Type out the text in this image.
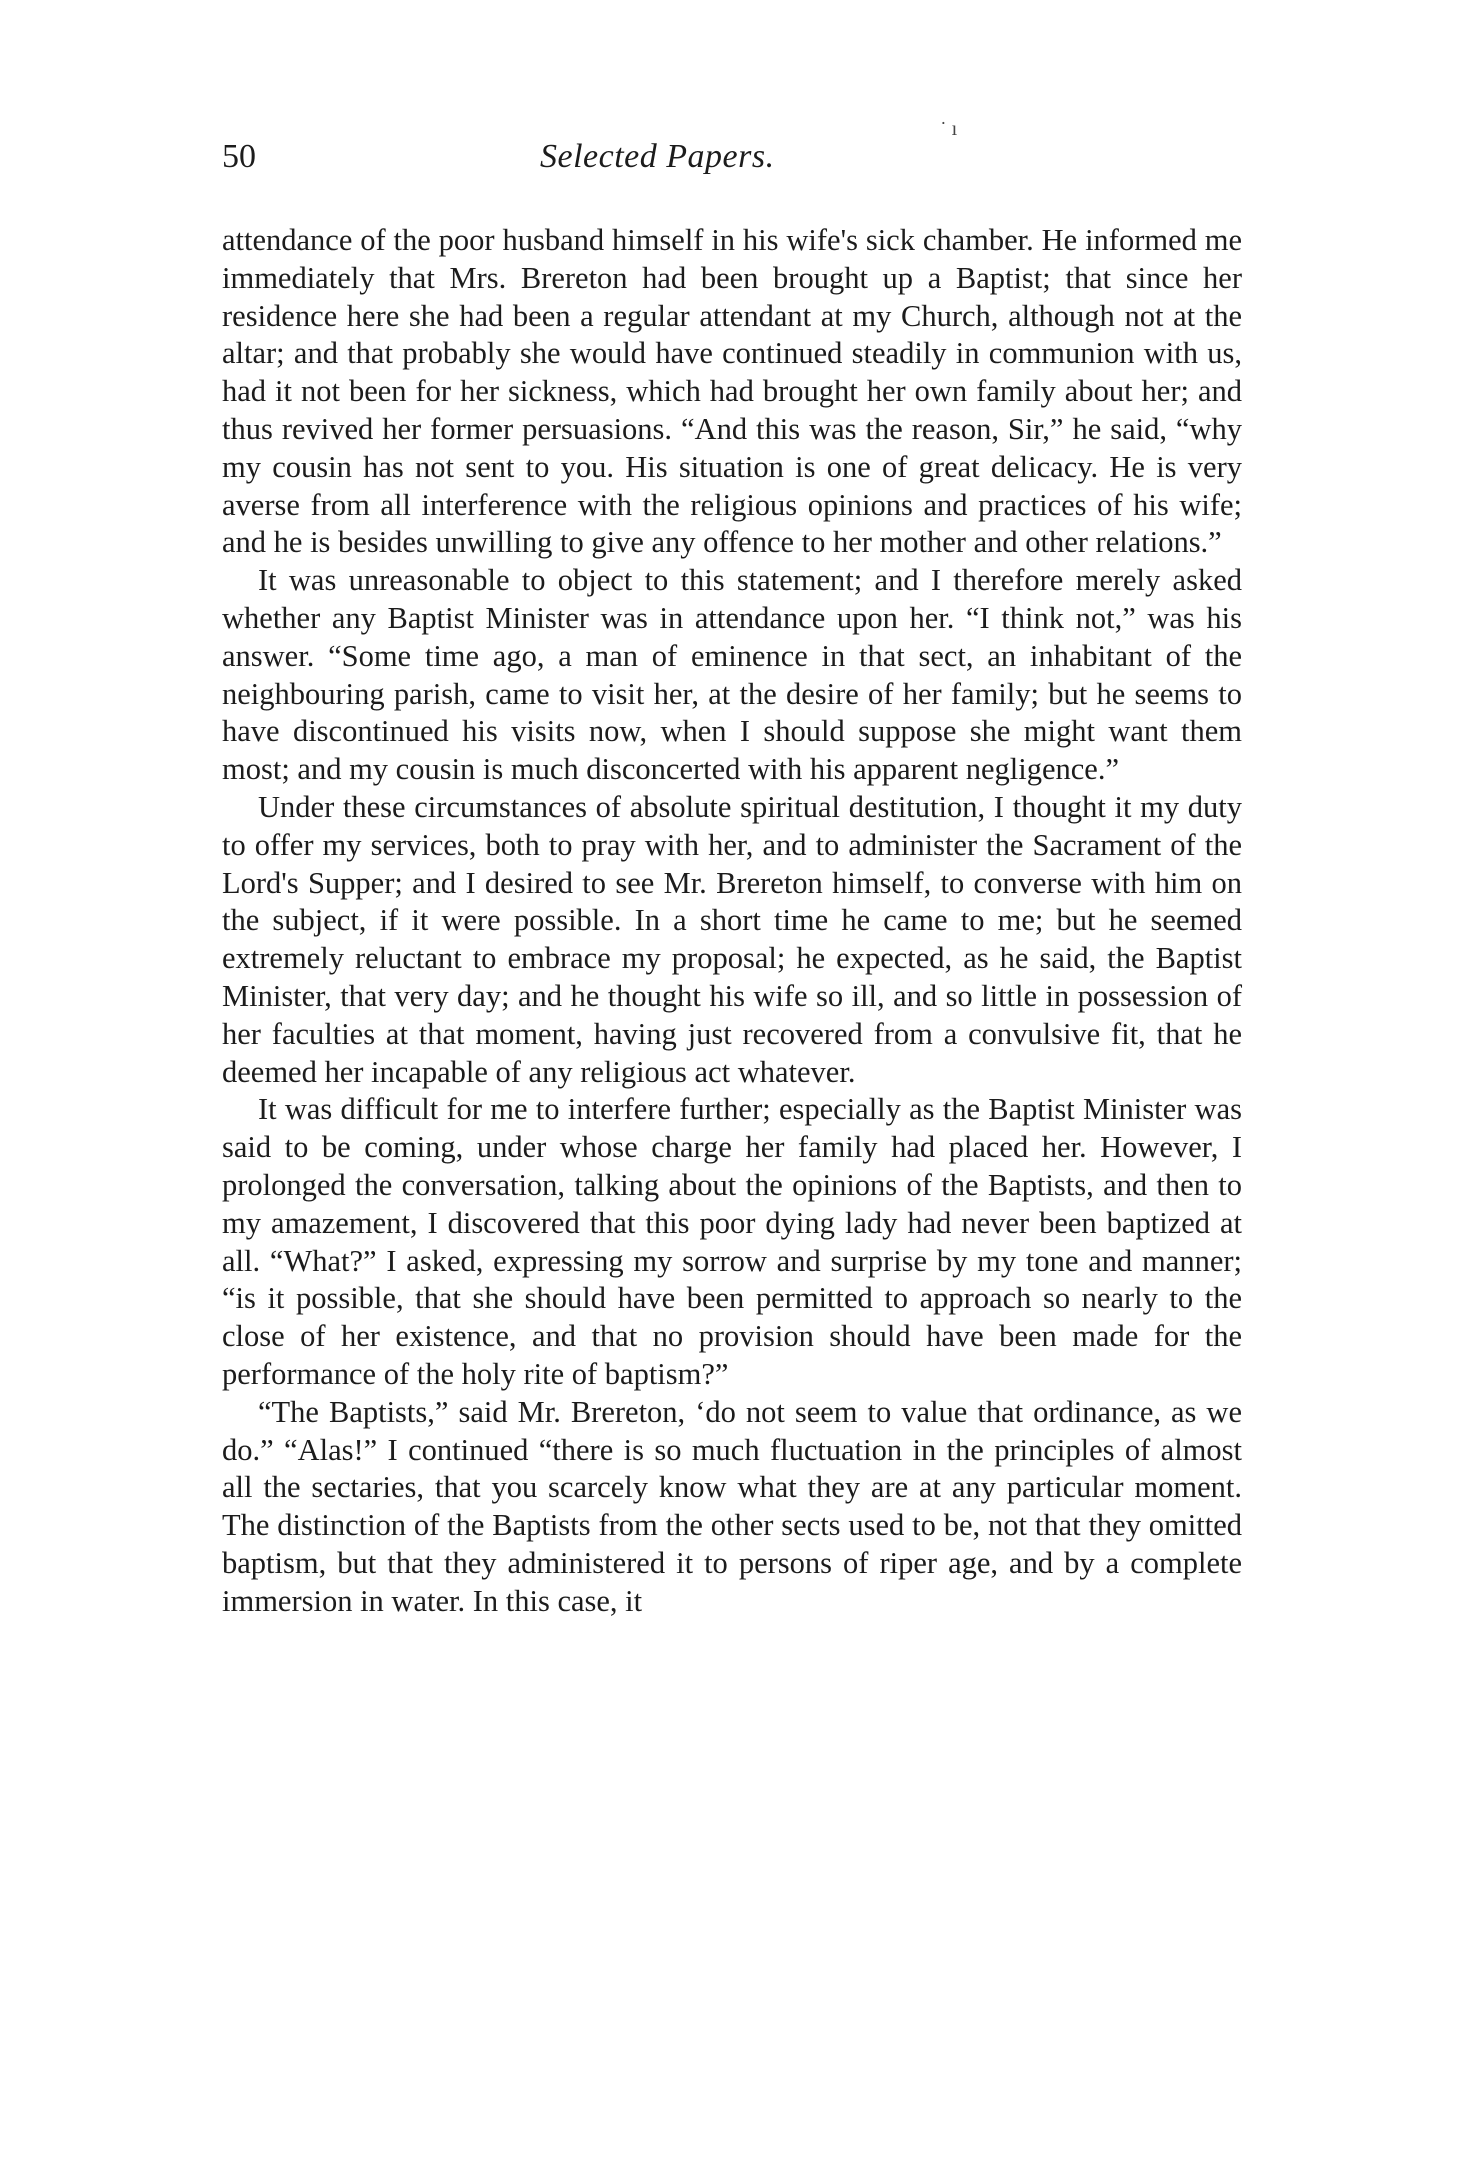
50	Selected Papers.
˙ ı

attendance of the poor husband himself in his wife's sick chamber. He informed me immediately that Mrs. Brereton had been brought up a Baptist; that since her residence here she had been a regular attendant at my Church, although not at the altar; and that probably she would have continued steadily in communion with us, had it not been for her sickness, which had brought her own family about her; and thus revived her former persuasions. “And this was the reason, Sir,” he said, “why my cousin has not sent to you. His situation is one of great delicacy. He is very averse from all interference with the religious opinions and practices of his wife; and he is besides unwilling to give any offence to her mother and other relations.”

It was unreasonable to object to this statement; and I therefore merely asked whether any Baptist Minister was in attendance upon her. “I think not,” was his answer. “Some time ago, a man of eminence in that sect, an inhabitant of the neighbouring parish, came to visit her, at the desire of her family; but he seems to have discontinued his visits now, when I should suppose she might want them most; and my cousin is much disconcerted with his apparent negligence.”

Under these circumstances of absolute spiritual destitution, I thought it my duty to offer my services, both to pray with her, and to administer the Sacrament of the Lord's Supper; and I desired to see Mr. Brereton himself, to converse with him on the subject, if it were possible. In a short time he came to me; but he seemed extremely reluctant to embrace my proposal; he expected, as he said, the Baptist Minister, that very day; and he thought his wife so ill, and so little in possession of her faculties at that moment, having just recovered from a convulsive fit, that he deemed her incapable of any religious act whatever.

It was difficult for me to interfere further; especially as the Baptist Minister was said to be coming, under whose charge her family had placed her. However, I prolonged the conversation, talking about the opinions of the Baptists, and then to my amazement, I discovered that this poor dying lady had never been baptized at all. “What?” I asked, expressing my sorrow and surprise by my tone and manner; “is it possible, that she should have been permitted to approach so nearly to the close of her existence, and that no provision should have been made for the performance of the holy rite of baptism?”

“The Baptists,” said Mr. Brereton, ‘do not seem to value that ordinance, as we do.” “Alas!” I continued “there is so much fluctuation in the principles of almost all the sectaries, that you scarcely know what they are at any particular moment. The distinction of the Baptists from the other sects used to be, not that they omitted baptism, but that they administered it to persons of riper age, and by a complete immersion in water. In this case, it
